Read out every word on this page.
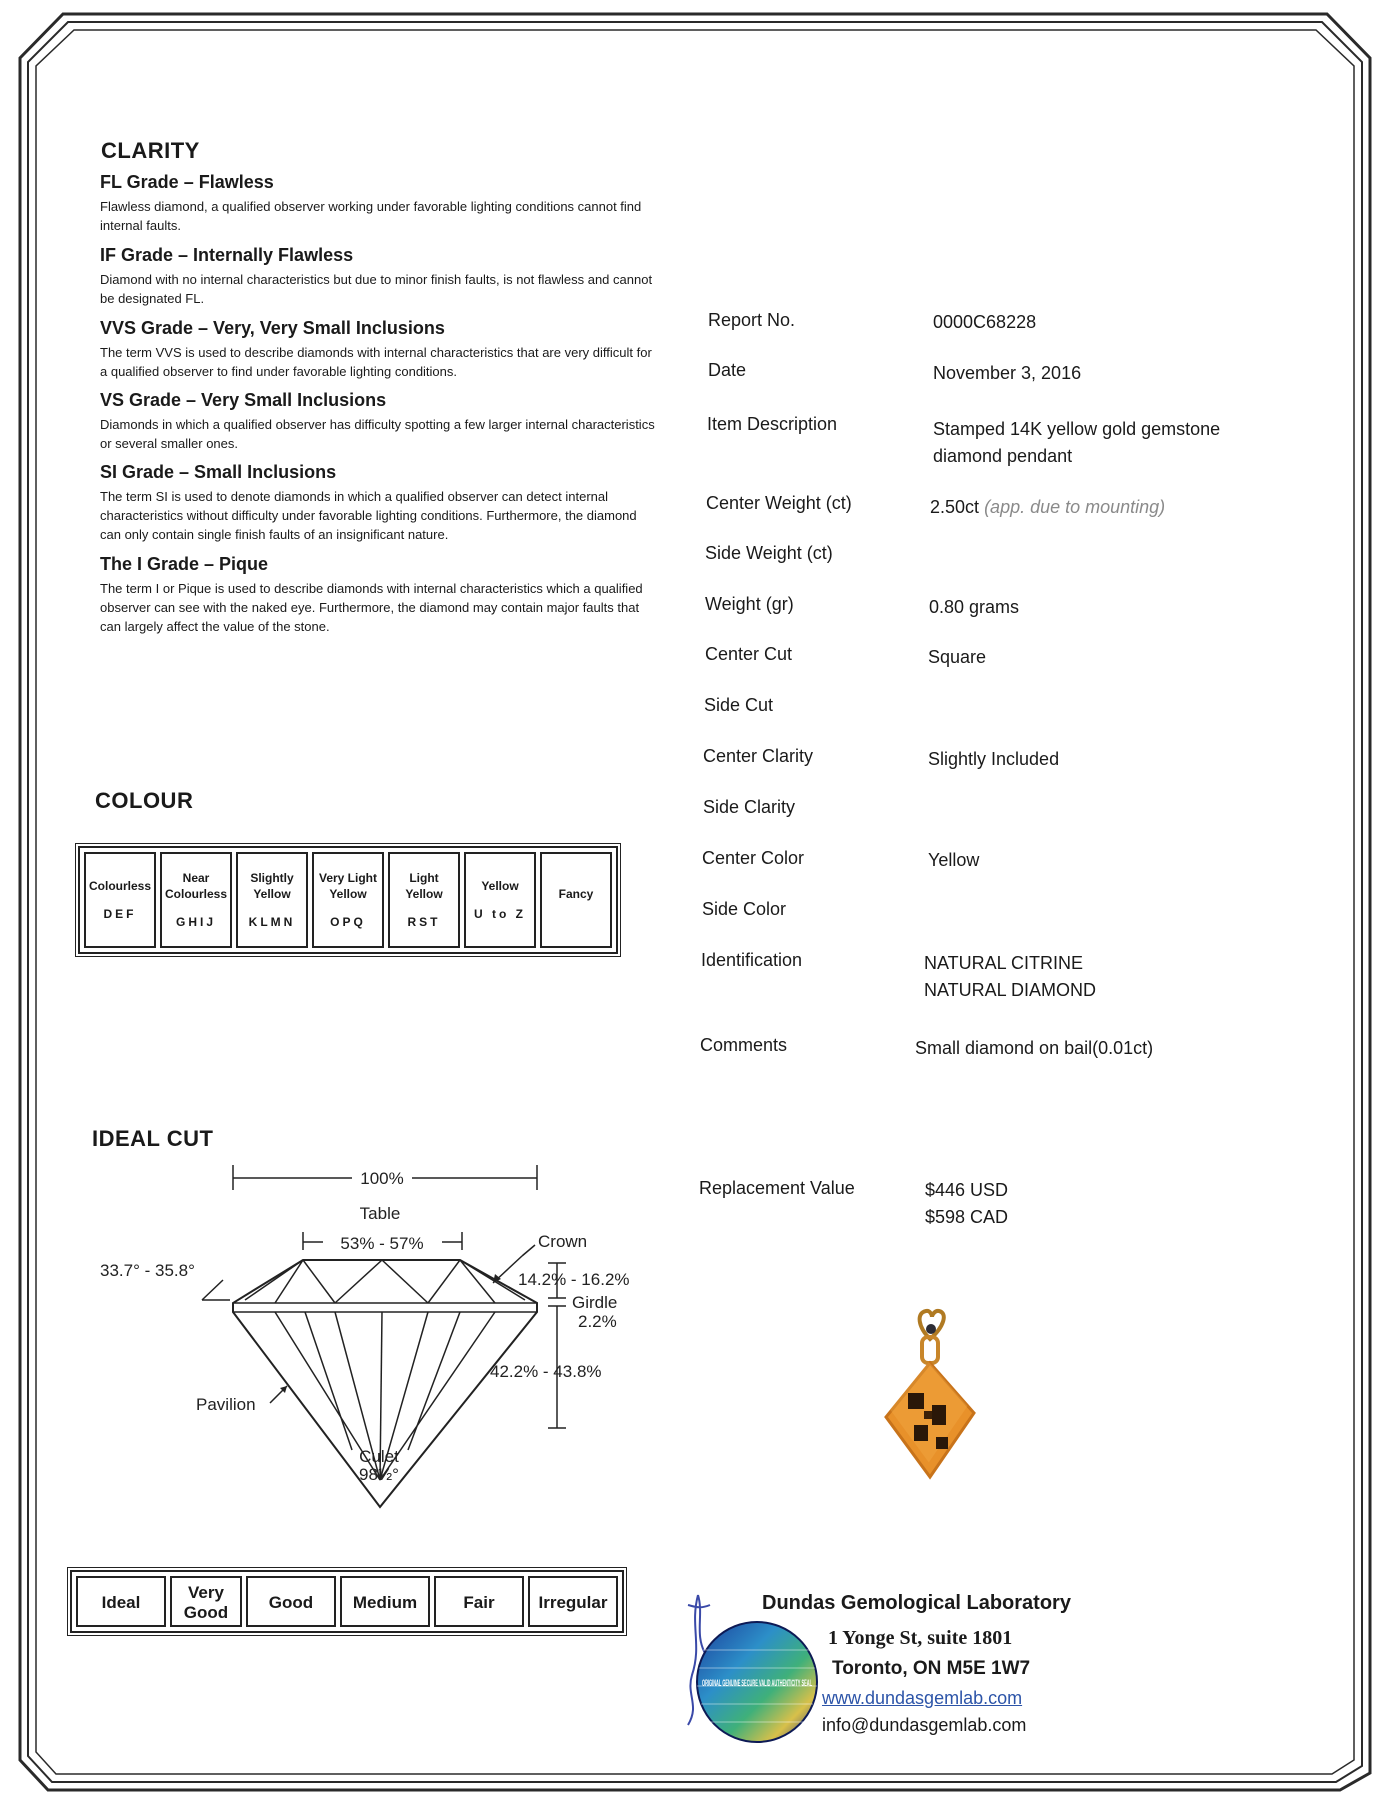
CLARITY
FL Grade – Flawless
Flawless diamond, a qualified observer working under favorable lighting conditions cannot find internal faults.
IF Grade – Internally Flawless
Diamond with no internal characteristics but due to minor finish faults, is not flawless and cannot be designated FL.
VVS Grade – Very, Very Small Inclusions
The term VVS is used to describe diamonds with internal characteristics that are very difficult for a qualified observer to find under favorable lighting conditions.
VS Grade – Very Small Inclusions
Diamonds in which a qualified observer has difficulty spotting a few larger internal characteristics or several smaller ones.
SI Grade – Small Inclusions
The term SI is used to denote diamonds in which a qualified observer can detect internal characteristics without difficulty under favorable lighting conditions. Furthermore, the diamond can only contain single finish faults of an insignificant nature.
The I Grade – Pique
The term I or Pique is used to describe diamonds with internal characteristics which a qualified observer can see with the naked eye. Furthermore, the diamond may contain major faults that can largely affect the value of the stone.
COLOUR
Colourless
DEF
	Near Colourless
GHIJ
	Slightly Yellow
KLMN
	Very Light Yellow
OPQ
	Light Yellow
RST
	Yellow
U to Z
	Fancy
IDEAL CUT
100%
Table
53% - 57%	Crown
33.7° - 35.8°	14.2% - 16.2%
Girdle
2.2%
42.2% - 43.8%
Pavilion
Culet
98½°
Ideal	Very Good	Good	Medium	Fair	Irregular
Report No.	0000C68228
Date	November 3, 2016
Item Description	Stamped 14K yellow gold gemstone diamond pendant
Center Weight (ct)	2.50ct (app. due to mounting)
Side Weight (ct)
Weight (gr)	0.80 grams
Center Cut	Square
Side Cut
Center Clarity	Slightly Included
Side Clarity
Center Color	Yellow
Side Color
Identification	NATURAL CITRINE
NATURAL DIAMOND
Comments	Small diamond on bail(0.01ct)
Replacement Value	$446 USD
$598 CAD
ORIGINAL GENUINE SECURE VALID AUTHENTICITY SEAL
Dundas Gemological Laboratory
1 Yonge St, suite 1801
Toronto, ON M5E 1W7
www.dundasgemlab.com
info@dundasgemlab.com
